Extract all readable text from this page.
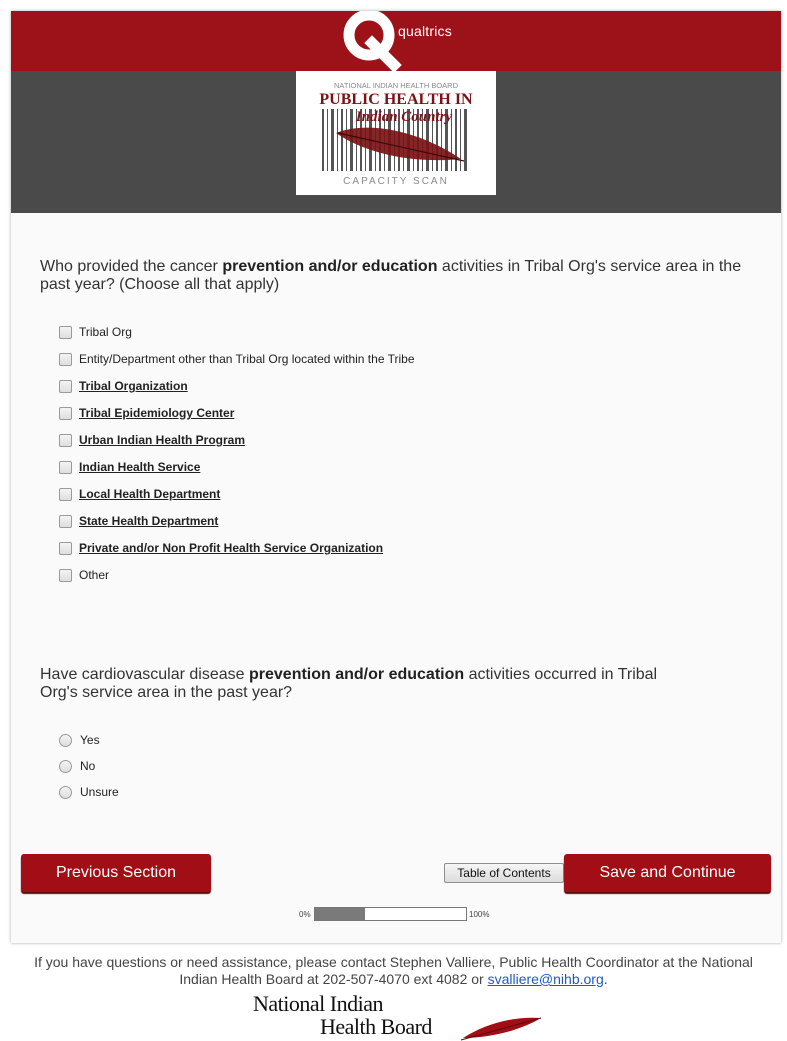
qualtrics
NATIONAL INDIAN HEALTH BOARD
PUBLIC HEALTH IN
Indian Country
CAPACITY SCAN
Who provided the cancer prevention and/or education activities in Tribal Org's service area in the past year? (Choose all that apply)
Tribal Org
Entity/Department other than Tribal Org located within the Tribe
Tribal Organization
Tribal Epidemiology Center
Urban Indian Health Program
Indian Health Service
Local Health Department
State Health Department
Private and/or Non Profit Health Service Organization
Other
Have cardiovascular disease prevention and/or education activities occurred in Tribal Org's service area in the past year?
Yes
No
Unsure
Previous Section	Table of Contents	Save and Continue
0%	100%
If you have questions or need assistance, please contact Stephen Valliere, Public Health Coordinator at the National Indian Health Board at 202-507-4070 ext 4082 or svalliere@nihb.org.
National Indian
Health Board
